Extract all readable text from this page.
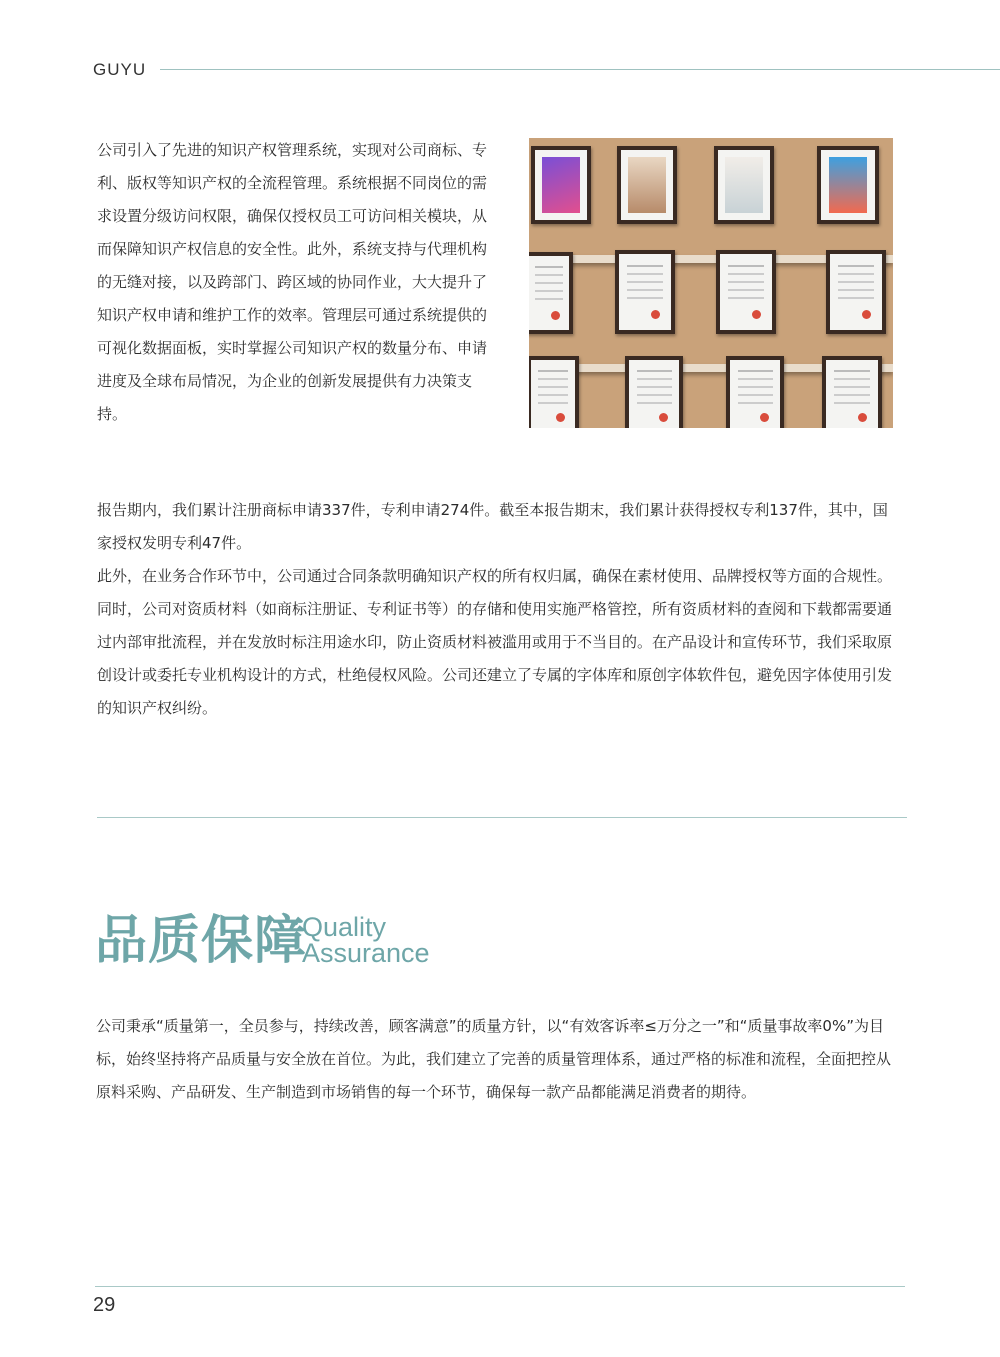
GUYU

公司引入了先进的知识产权管理系统，实现对公司商标、专利、版权等知识产权的全流程管理。系统根据不同岗位的需求设置分级访问权限，确保仅授权员工可访问相关模块，从而保障知识产权信息的安全性。此外，系统支持与代理机构的无缝对接，以及跨部门、跨区域的协同作业，大大提升了知识产权申请和维护工作的效率。管理层可通过系统提供的可视化数据面板，实时掌握公司知识产权的数量分布、申请进度及全球布局情况，为企业的创新发展提供有力决策支持。

报告期内，我们累计注册商标申请337件，专利申请274件。截至本报告期末，我们累计获得授权专利137件，其中，国家授权发明专利47件。

此外，在业务合作环节中，公司通过合同条款明确知识产权的所有权归属，确保在素材使用、品牌授权等方面的合规性。同时，公司对资质材料（如商标注册证、专利证书等）的存储和使用实施严格管控，所有资质材料的查阅和下载都需要通过内部审批流程，并在发放时标注用途水印，防止资质材料被滥用或用于不当目的。在产品设计和宣传环节，我们采取原创设计或委托专业机构设计的方式，杜绝侵权风险。公司还建立了专属的字体库和原创字体软件包，避免因字体使用引发的知识产权纠纷。

品质保障
Quality
Assurance

公司秉承“质量第一，全员参与，持续改善，顾客满意”的质量方针，以“有效客诉率≤万分之一”和“质量事故率0%”为目标，始终坚持将产品质量与安全放在首位。为此，我们建立了完善的质量管理体系，通过严格的标准和流程，全面把控从原料采购、产品研发、生产制造到市场销售的每一个环节，确保每一款产品都能满足消费者的期待。

29
